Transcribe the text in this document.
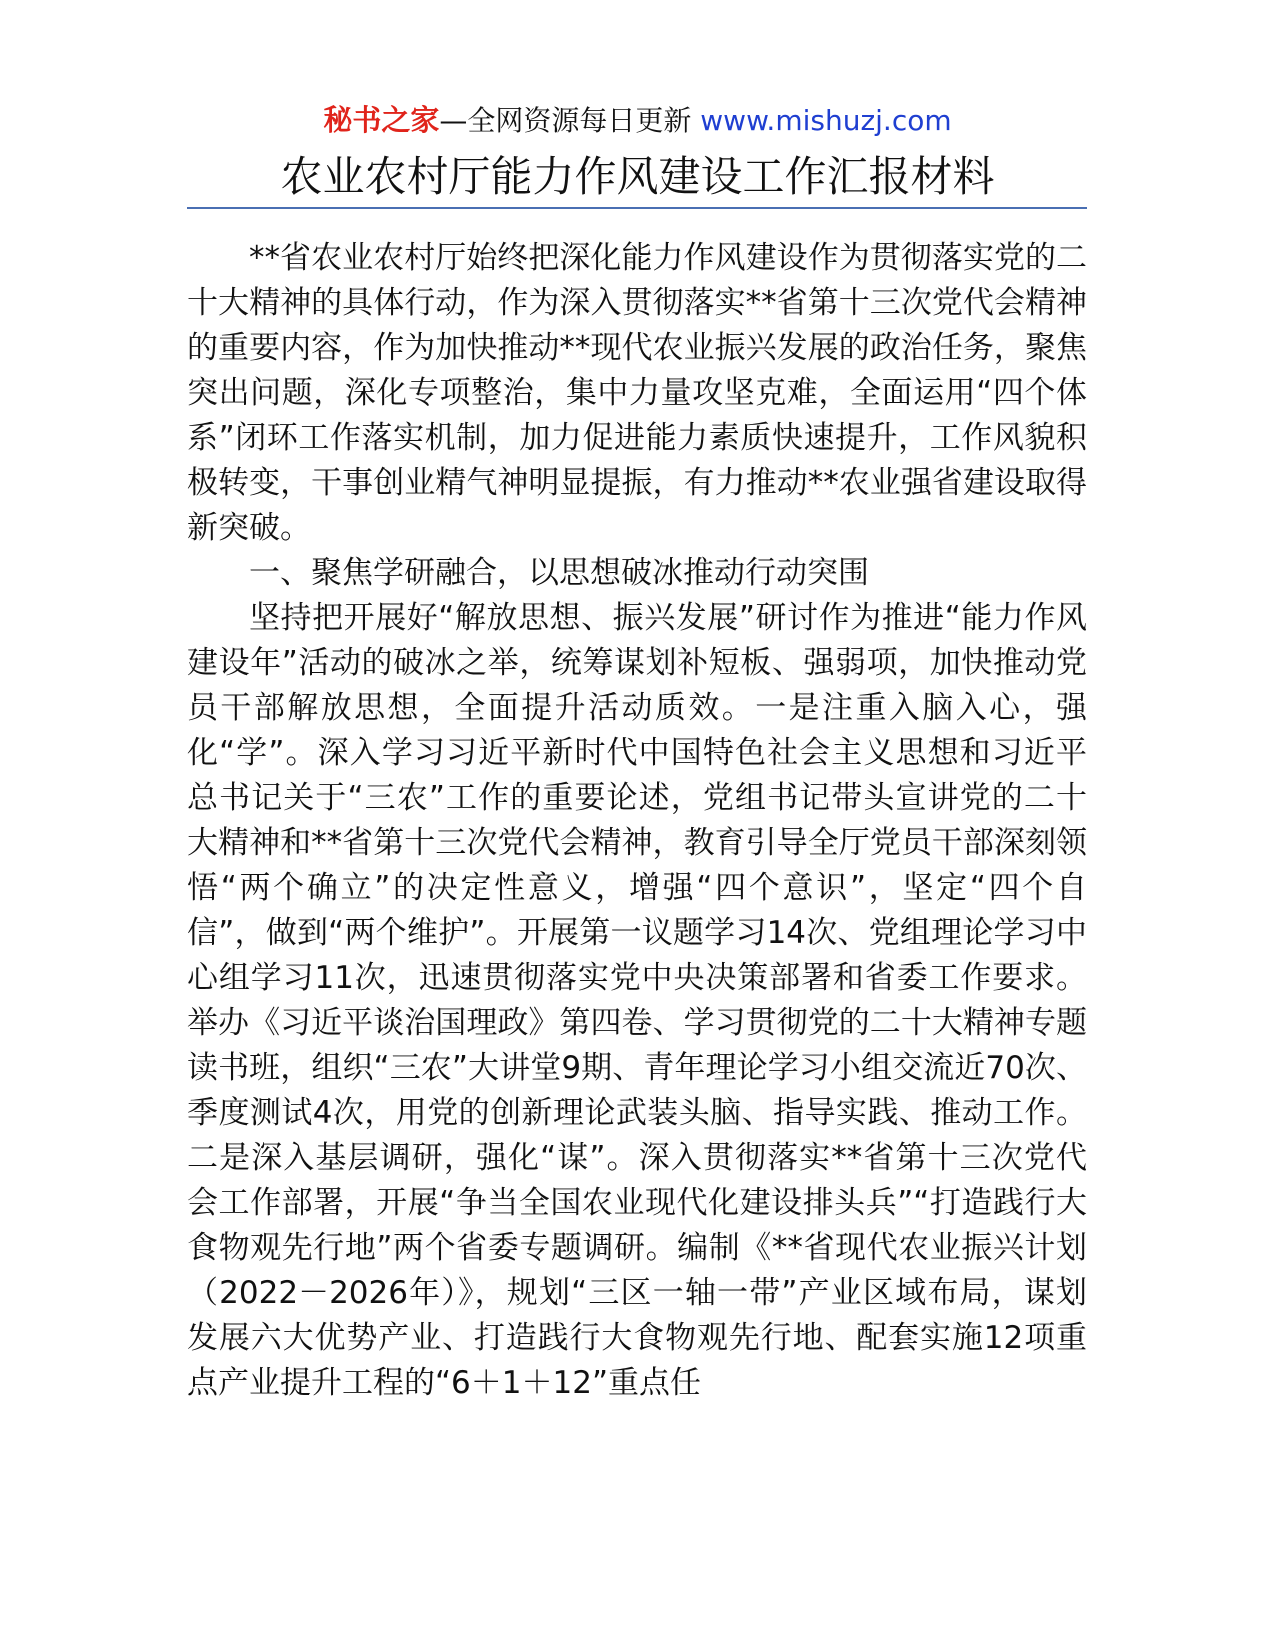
秘书之家—全网资源每日更新 www.mishuzj.com
农业农村厅能力作风建设工作汇报材料

**省农业农村厅始终把深化能力作风建设作为贯彻落实党的二十大精神的具体行动，作为深入贯彻落实**省第十三次党代会精神的重要内容，作为加快推动**现代农业振兴发展的政治任务，聚焦突出问题，深化专项整治，集中力量攻坚克难，全面运用“四个体系”闭环工作落实机制，加力促进能力素质快速提升，工作风貌积极转变，干事创业精气神明显提振，有力推动**农业强省建设取得新突破。

一、聚焦学研融合，以思想破冰推动行动突围

坚持把开展好“解放思想、振兴发展”研讨作为推进“能力作风建设年”活动的破冰之举，统筹谋划补短板、强弱项，加快推动党员干部解放思想，全面提升活动质效。一是注重入脑入心，强化“学”。深入学习习近平新时代中国特色社会主义思想和习近平总书记关于“三农”工作的重要论述，党组书记带头宣讲党的二十大精神和**省第十三次党代会精神，教育引导全厅党员干部深刻领悟“两个确立”的决定性意义，增强“四个意识”，坚定“四个自信”，做到“两个维护”。开展第一议题学习14次、党组理论学习中心组学习11次，迅速贯彻落实党中央决策部署和省委工作要求。举办《习近平谈治国理政》第四卷、学习贯彻党的二十大精神专题读书班，组织“三农”大讲堂9期、青年理论学习小组交流近70次、季度测试4次，用党的创新理论武装头脑、指导实践、推动工作。二是深入基层调研，强化“谋”。深入贯彻落实**省第十三次党代会工作部署，开展“争当全国农业现代化建设排头兵”“打造践行大食物观先行地”两个省委专题调研。编制《**省现代农业振兴计划（2022－2026年）》，规划“三区一轴一带”产业区域布局，谋划发展六大优势产业、打造践行大食物观先行地、配套实施12项重点产业提升工程的“6＋1＋12”重点任
